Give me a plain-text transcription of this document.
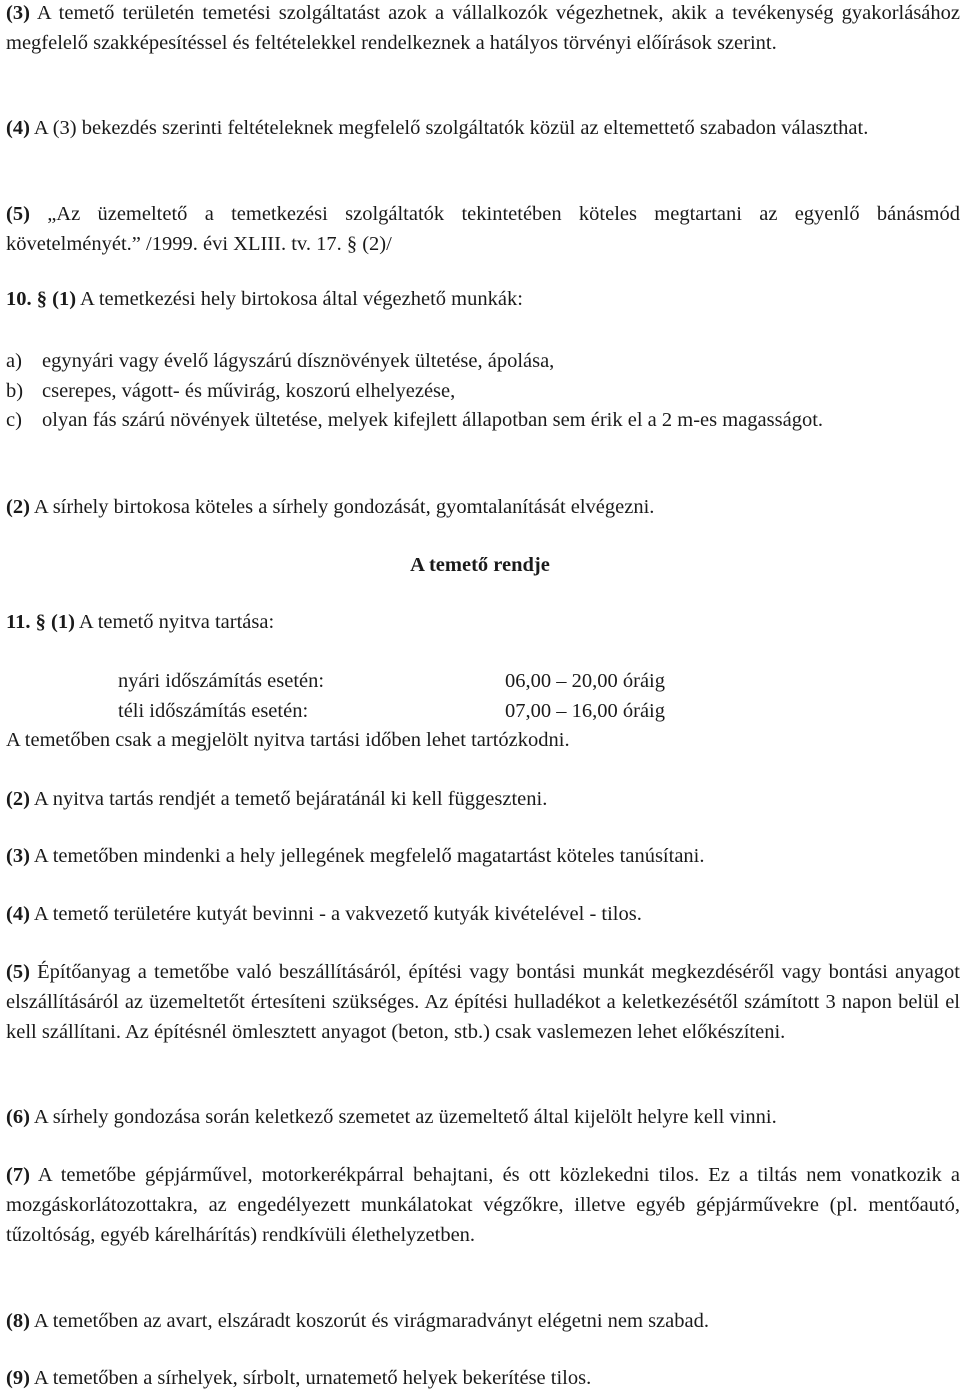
(3) A temető területén temetési szolgáltatást azok a vállalkozók végezhetnek, akik a tevékenység gyakorlásához megfelelő szakképesítéssel és feltételekkel rendelkeznek a hatályos törvényi előírások szerint.

(4) A (3) bekezdés szerinti feltételeknek megfelelő szolgáltatók közül az eltemettető szabadon választhat.

(5) „Az üzemeltető a temetkezési szolgáltatók tekintetében köteles megtartani az egyenlő bánásmód követelményét.” /1999. évi XLIII. tv. 17. § (2)/

10. § (1) A temetkezési hely birtokosa által végezhető munkák:

a) egynyári vagy évelő lágyszárú dísznövények ültetése, ápolása,
b) cserepes, vágott- és művirág, koszorú elhelyezése,
c) olyan fás szárú növények ültetése, melyek kifejlett állapotban sem érik el a 2 m-es magasságot.

(2) A sírhely birtokosa köteles a sírhely gondozását, gyomtalanítását elvégezni.

A temető rendje

11. § (1) A temető nyitva tartása:

nyári időszámítás esetén:	06,00 – 20,00 óráig
téli időszámítás esetén:	07,00 – 16,00 óráig

A temetőben csak a megjelölt nyitva tartási időben lehet tartózkodni.

(2) A nyitva tartás rendjét a temető bejáratánál ki kell függeszteni.

(3) A temetőben mindenki a hely jellegének megfelelő magatartást köteles tanúsítani.

(4) A temető területére kutyát bevinni - a vakvezető kutyák kivételével - tilos.

(5) Építőanyag a temetőbe való beszállításáról, építési vagy bontási munkát megkezdéséről vagy bontási anyagot elszállításáról az üzemeltetőt értesíteni szükséges. Az építési hulladékot a keletkezésétől számított 3 napon belül el kell szállítani. Az építésnél ömlesztett anyagot (beton, stb.) csak vaslemezen lehet előkészíteni.

(6) A sírhely gondozása során keletkező szemetet az üzemeltető által kijelölt helyre kell vinni.

(7) A temetőbe gépjárművel, motorkerékpárral behajtani, és ott közlekedni tilos. Ez a tiltás nem vonatkozik a mozgáskorlátozottakra, az engedélyezett munkálatokat végzőkre, illetve egyéb gépjárművekre (pl. mentőautó, tűzoltóság, egyéb kárelhárítás) rendkívüli élethelyzetben.

(8) A temetőben az avart, elszáradt koszorút és virágmaradványt elégetni nem szabad.

(9) A temetőben a sírhelyek, sírbolt, urnatemető helyek bekerítése tilos.
